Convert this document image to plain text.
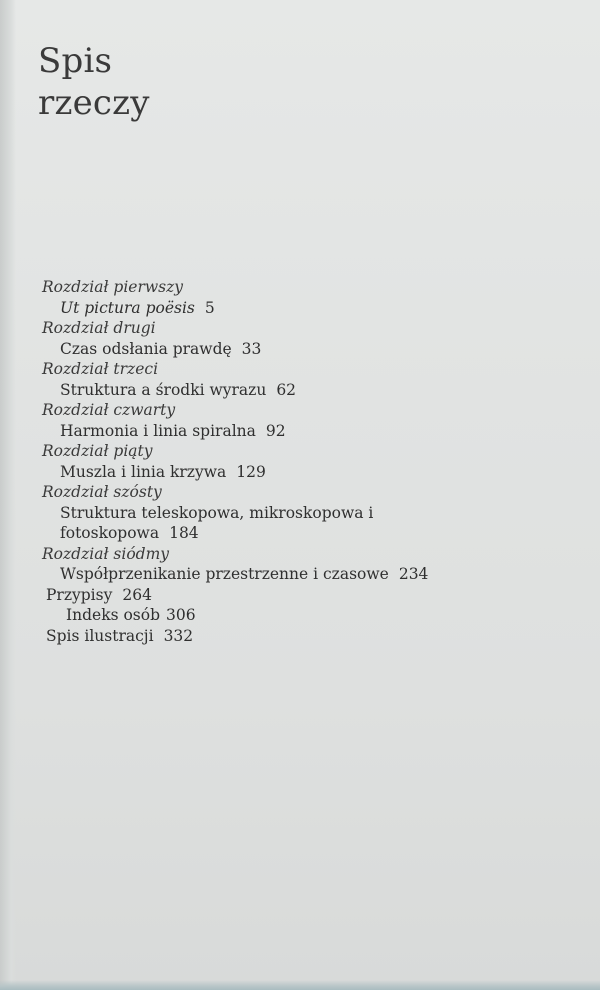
Spis
rzeczy
Rozdział pierwszy
Ut pictura poësis 5
Rozdział drugi
Czas odsłania prawdę 33
Rozdział trzeci
Struktura a środki wyrazu 62
Rozdział czwarty
Harmonia i linia spiralna 92
Rozdział piąty
Muszla i linia krzywa 129
Rozdział szósty
Struktura teleskopowa, mikroskopowa i
fotoskopowa 184
Rozdział siódmy
Współprzenikanie przestrzenne i czasowe 234
Przypisy 264
Indeks osób 306
Spis ilustracji 332
